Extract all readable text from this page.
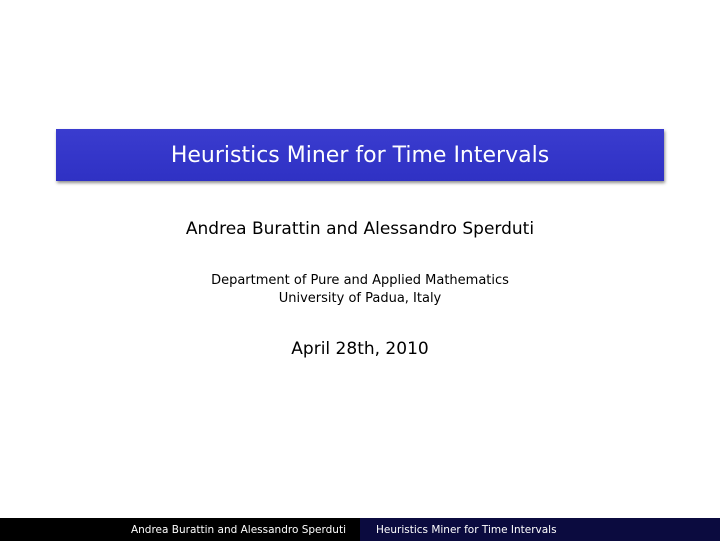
Heuristics Miner for Time Intervals
Andrea Burattin and Alessandro Sperduti
Department of Pure and Applied Mathematics
University of Padua, Italy
April 28th, 2010
Andrea Burattin and Alessandro Sperduti	Heuristics Miner for Time Intervals
